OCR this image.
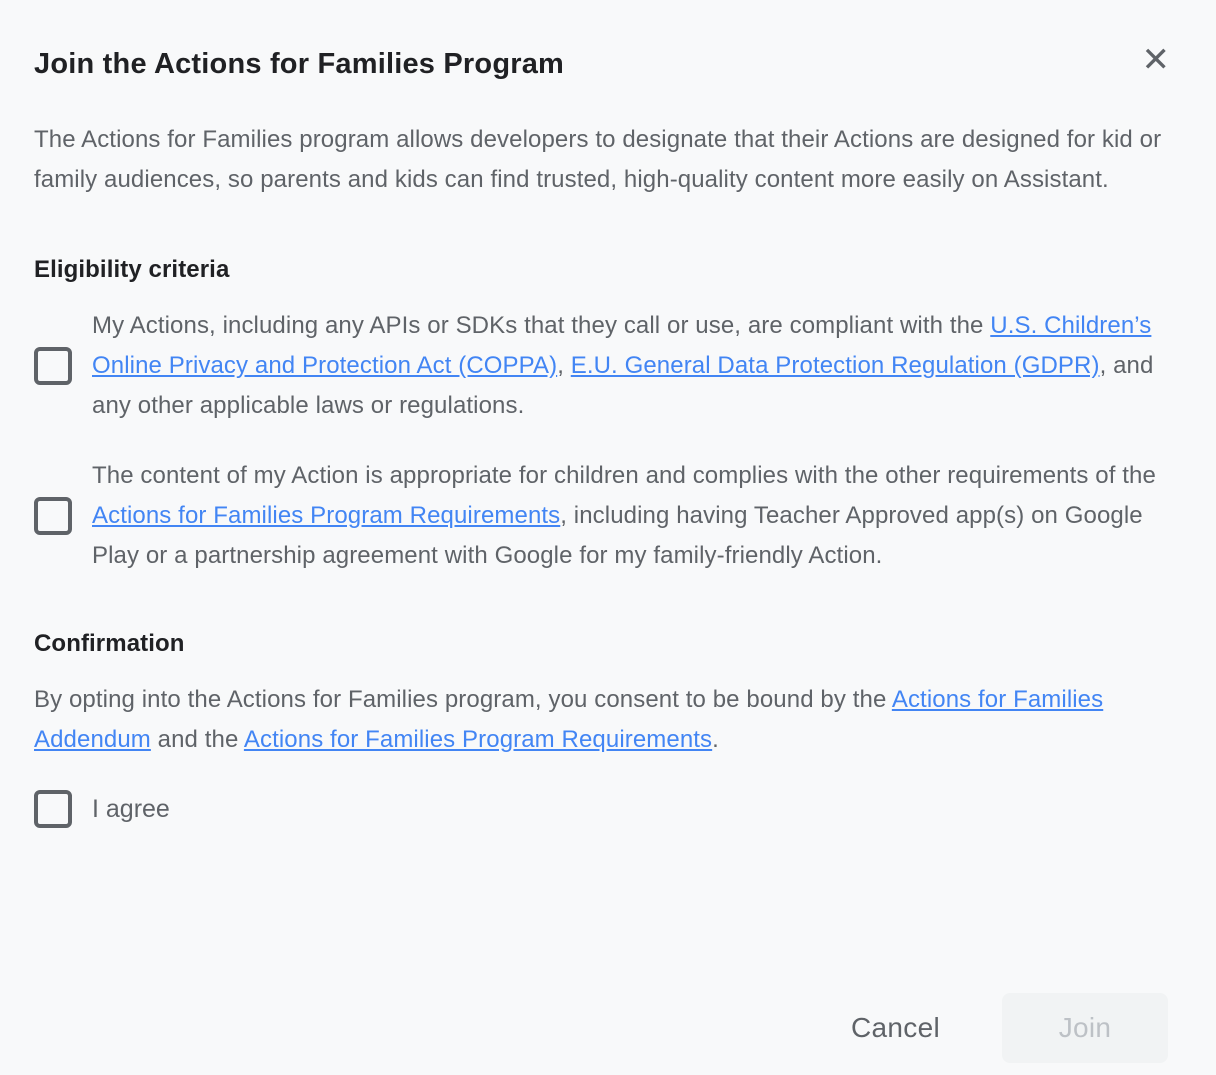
Join the Actions for Families Program	✕

The Actions for Families program allows developers to designate that their Actions are designed for kid or family audiences, so parents and kids can find trusted, high-quality content more easily on Assistant.

Eligibility criteria
My Actions, including any APIs or SDKs that they call or use, are compliant with the U.S. Children’s Online Privacy and Protection Act (COPPA), E.U. General Data Protection Regulation (GDPR), and any other applicable laws or regulations.
The content of my Action is appropriate for children and complies with the other requirements of the Actions for Families Program Requirements, including having Teacher Approved app(s) on Google Play or a partnership agreement with Google for my family-friendly Action.
Confirmation

By opting into the Actions for Families program, you consent to be bound by the Actions for Families Addendum and the Actions for Families Program Requirements.

I agree
Cancel	Join
